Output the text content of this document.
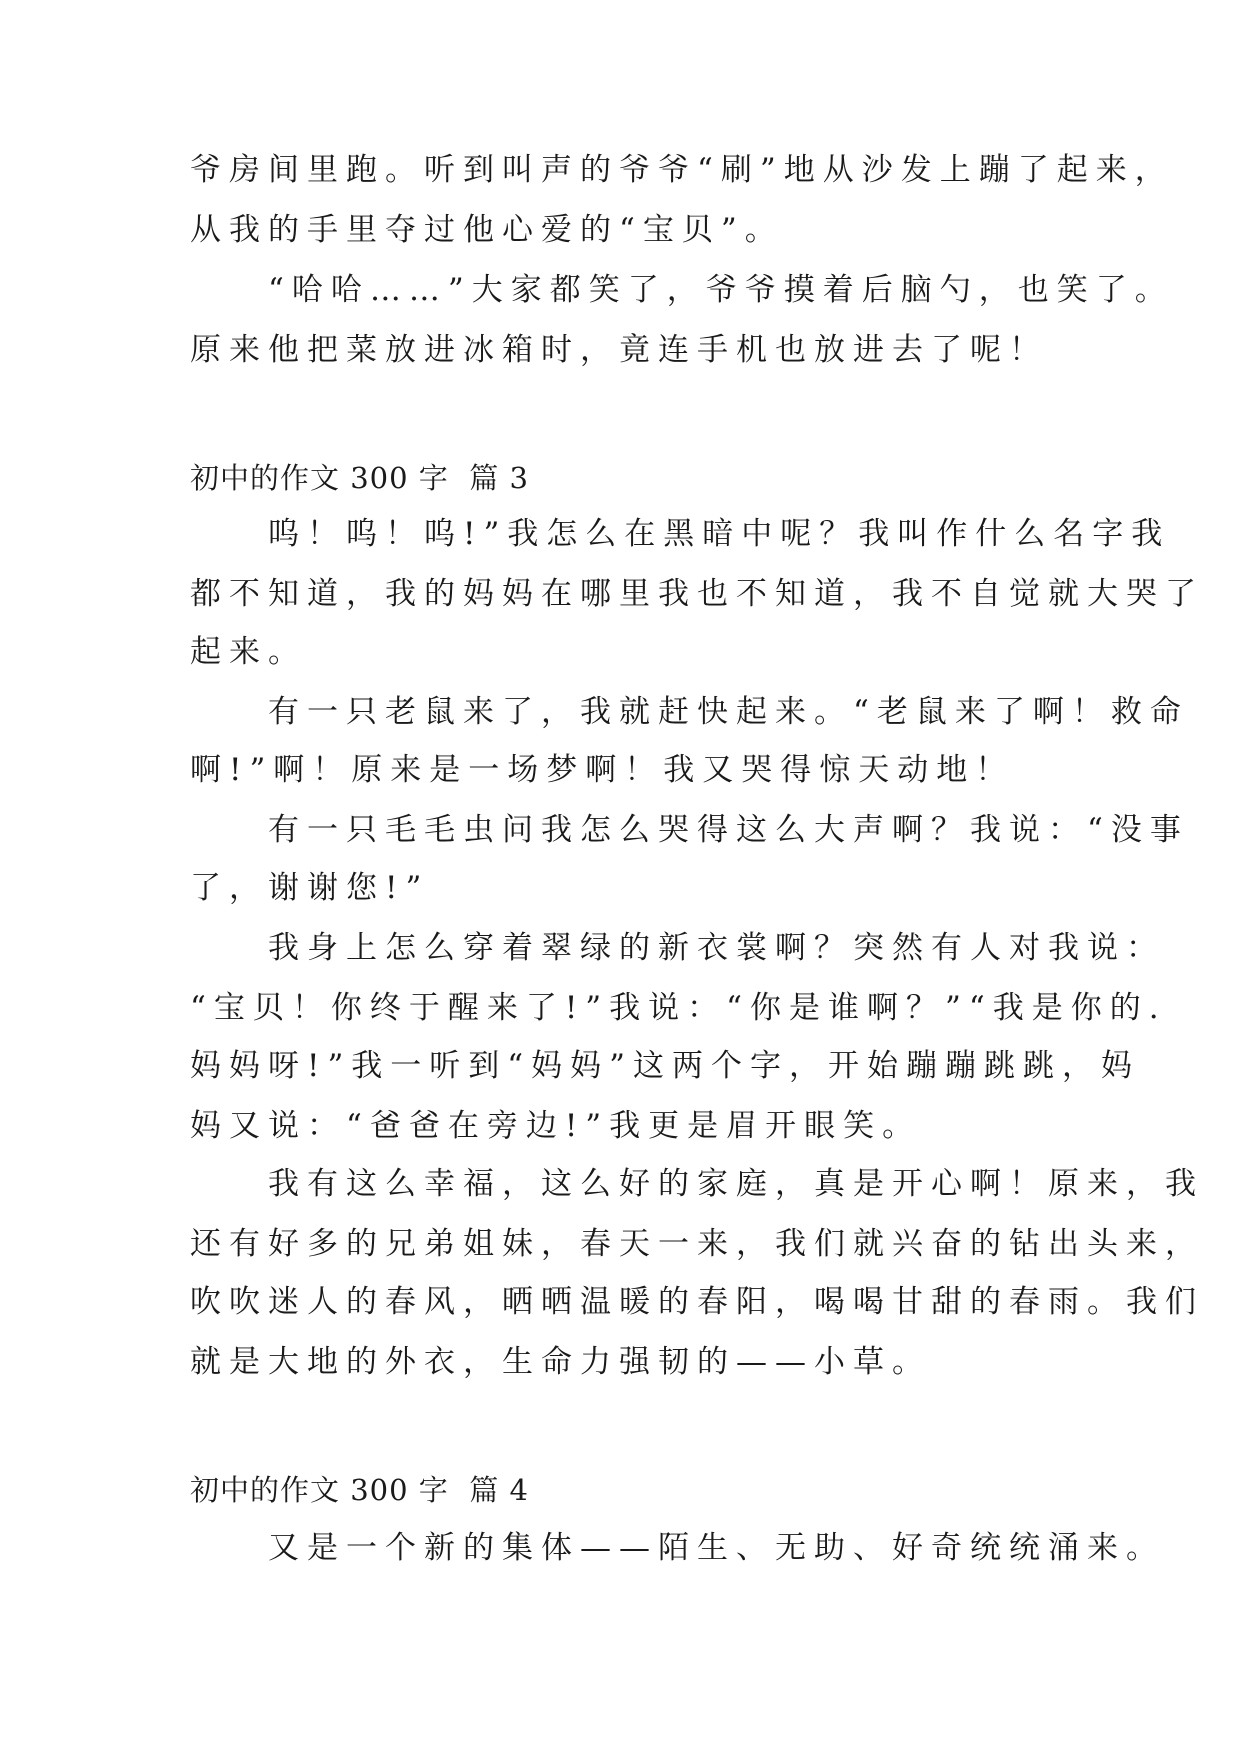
爷房间里跑。听到叫声的爷爷“刷”地从沙发上蹦了起来，
从我的手里夺过他心爱的“宝贝”。
　　“哈哈……”大家都笑了，爷爷摸着后脑勺，也笑了。
原来他把菜放进冰箱时，竟连手机也放进去了呢！
初中的作文 300 字  篇 3
　　呜！呜！呜!”我怎么在黑暗中呢？我叫作什么名字我
都不知道，我的妈妈在哪里我也不知道，我不自觉就大哭了
起来。
　　有一只老鼠来了，我就赶快起来。“老鼠来了啊！救命
啊!”啊！原来是一场梦啊！我又哭得惊天动地！
　　有一只毛毛虫问我怎么哭得这么大声啊？我说：“没事
了，谢谢您!”
　　我身上怎么穿着翠绿的新衣裳啊？突然有人对我说：
“宝贝！你终于醒来了!”我说：“你是谁啊？”“我是你的.
妈妈呀!”我一听到“妈妈”这两个字，开始蹦蹦跳跳，妈
妈又说：“爸爸在旁边!”我更是眉开眼笑。
　　我有这么幸福，这么好的家庭，真是开心啊！原来，我
还有好多的兄弟姐妹，春天一来，我们就兴奋的钻出头来，
吹吹迷人的春风，晒晒温暖的春阳，喝喝甘甜的春雨。我们
就是大地的外衣，生命力强韧的——小草。
初中的作文 300 字  篇 4
　　又是一个新的集体——陌生、无助、好奇统统涌来。
